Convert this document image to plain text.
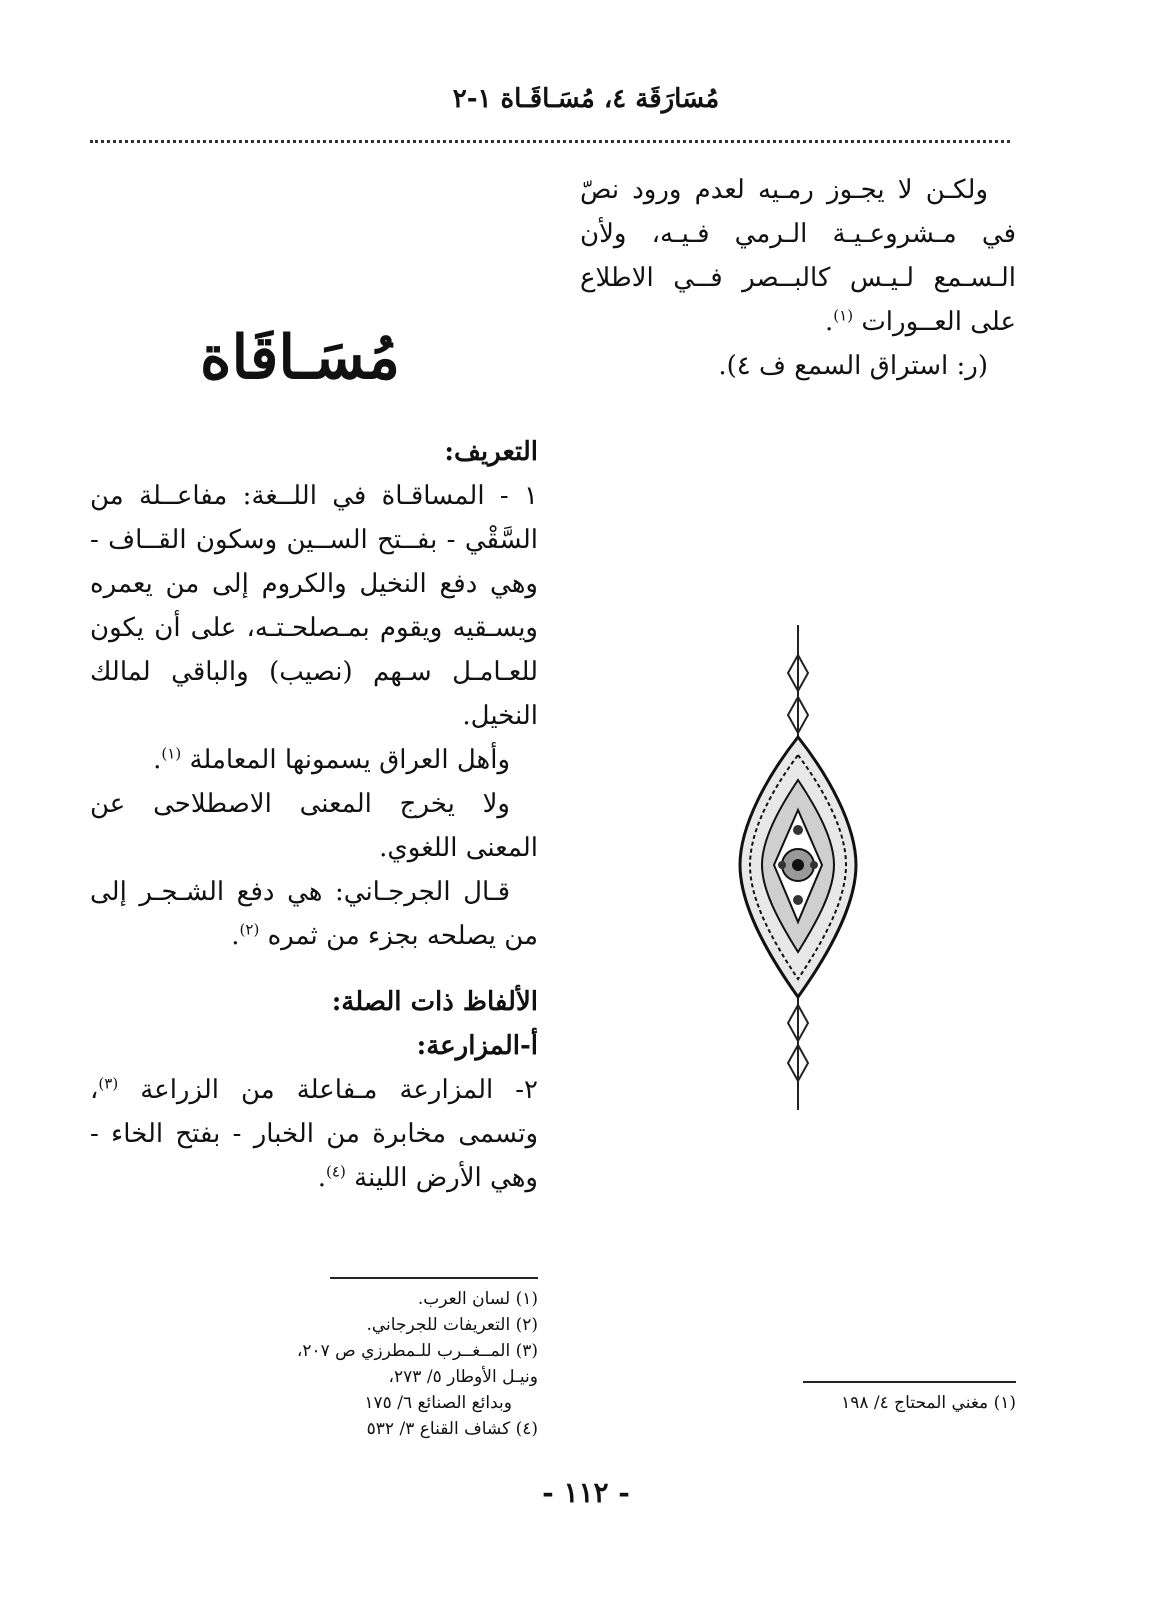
مُسَارَقَة ٤، مُسَـاقَـاة ١-٢

ولكـن لا يجـوز رمـيه لعدم ورود نصّ في مـشروعـيـة الـرمي فـيـه، ولأن الـسـمع لـيـس كالبــصر فــي الاطلاع على العــورات $^{(١)}$.

(ر: استراق السمع ف ٤).

مُسَـاقَاة

التعريف:

١ - المساقـاة في اللــغة: مفاعــلة من السَّقْي - بفــتح الســين وسكون القــاف - وهي دفع النخيل والكروم إلى من يعمره ويسـقيه ويقوم بمـصلحـتـه، على أن يكون للعـامـل سـهم (نصيب) والباقي لمالك النخيل.

وأهل العراق يسمونها المعاملة $^{(١)}$.

ولا يخرج المعنى الاصطلاحى عن المعنى اللغوي.

قـال الجرجـاني: هي دفع الشـجـر إلى من يصلحه بجزء من ثمره $^{(٢)}$.

الألفاظ ذات الصلة:

أ-المزارعة:

٢- المزارعة مـفاعلة من الزراعة $^{(٣)}$، وتسمى مخابرة من الخبار - بفتح الخاء - وهي الأرض اللينة $^{(٤)}$.

(١) لسان العرب.
(٢) التعريفات للجرجاني.
(٣) المــغــرب للـمطرزي ص ٢٠٧، ونيـل الأوطار ٥/ ٢٧٣،
وبدائع الصنائع ٦/ ١٧٥
(٤) كشاف القناع ٣/ ٥٣٢
(١) مغني المحتاج ٤/ ١٩٨
- ١١٢ -
